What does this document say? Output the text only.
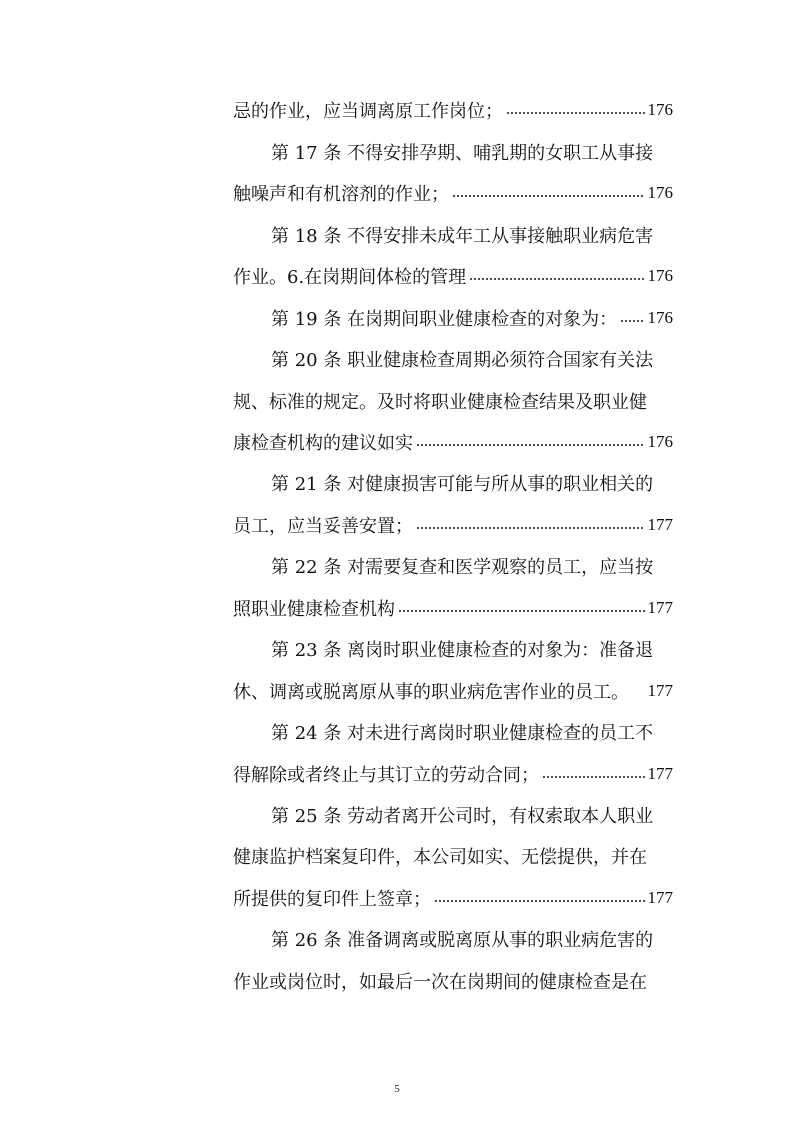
忌的作业，应当调离原工作岗位；	176
第 17 条 不得安排孕期、哺乳期的女职工从事接
触噪声和有机溶剂的作业；	176
第 18 条 不得安排未成年工从事接触职业病危害
作业。6.在岗期间体检的管理	176
第 19 条 在岗期间职业健康检查的对象为： 176
第 20 条 职业健康检查周期必须符合国家有关法
规、标准的规定。及时将职业健康检查结果及职业健
康检查机构的建议如实	176
第 21 条 对健康损害可能与所从事的职业相关的
员工，应当妥善安置；	177
第 22 条 对需要复查和医学观察的员工，应当按
照职业健康检查机构	177
第 23 条 离岗时职业健康检查的对象为：准备退
休、调离或脱离原从事的职业病危害作业的员工。 177
第 24 条 对未进行离岗时职业健康检查的员工不
得解除或者终止与其订立的劳动合同；	177
第 25 条 劳动者离开公司时，有权索取本人职业
健康监护档案复印件，本公司如实、无偿提供，并在
所提供的复印件上签章；	177
第 26 条 准备调离或脱离原从事的职业病危害的
作业或岗位时，如最后一次在岗期间的健康检查是在
5
